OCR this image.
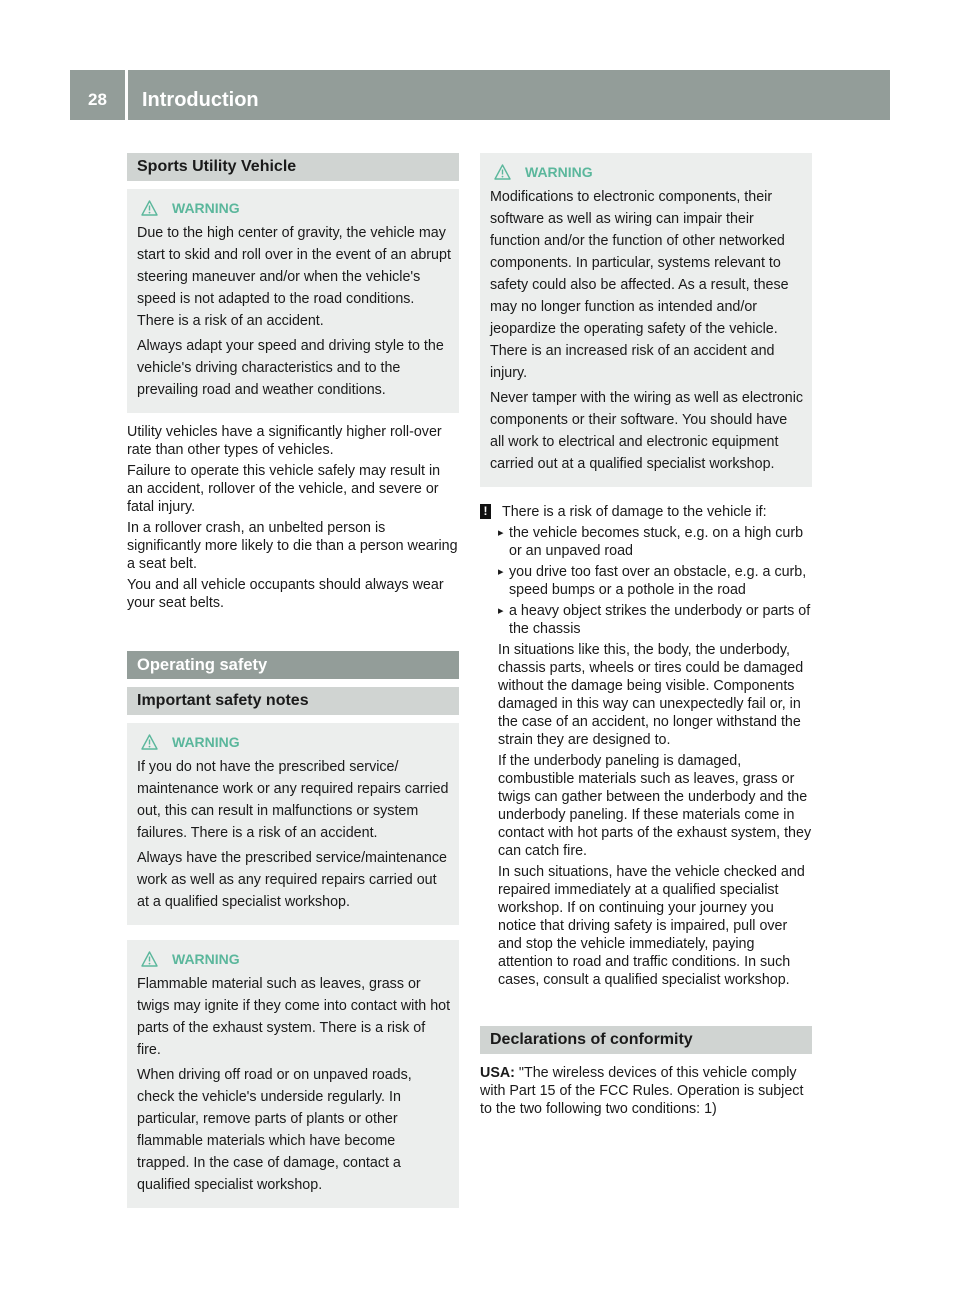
28	Introduction
Sports Utility Vehicle
WARNING

Due to the high center of gravity, the vehicle may start to skid and roll over in the event of an abrupt steering maneuver and/or when the vehicle's speed is not adapted to the road conditions. There is a risk of an accident.

Always adapt your speed and driving style to the vehicle's driving characteristics and to the prevailing road and weather conditions.

Utility vehicles have a significantly higher roll-over rate than other types of vehicles.

Failure to operate this vehicle safely may result in an accident, rollover of the vehicle, and severe or fatal injury.

In a rollover crash, an unbelted person is significantly more likely to die than a person wearing a seat belt.

You and all vehicle occupants should always wear your seat belts.

Operating safety
Important safety notes
WARNING

If you do not have the prescribed service/ maintenance work or any required repairs carried out, this can result in malfunctions or system failures. There is a risk of an accident.

Always have the prescribed service/maintenance work as well as any required repairs carried out at a qualified specialist workshop.

WARNING

Flammable material such as leaves, grass or twigs may ignite if they come into contact with hot parts of the exhaust system. There is a risk of fire.

When driving off road or on unpaved roads, check the vehicle's underside regularly. In particular, remove parts of plants or other flammable materials which have become trapped. In the case of damage, contact a qualified specialist workshop.

WARNING

Modifications to electronic components, their software as well as wiring can impair their function and/or the function of other networked components. In particular, systems relevant to safety could also be affected. As a result, these may no longer function as intended and/or jeopardize the operating safety of the vehicle. There is an increased risk of an accident and injury.

Never tamper with the wiring as well as electronic components or their software. You should have all work to electrical and electronic equipment carried out at a qualified specialist workshop.

! There is a risk of damage to the vehicle if:
▸ the vehicle becomes stuck, e.g. on a high curb or an unpaved road
▸ you drive too fast over an obstacle, e.g. a curb, speed bumps or a pothole in the road
▸ a heavy object strikes the underbody or parts of the chassis

In situations like this, the body, the underbody, chassis parts, wheels or tires could be damaged without the damage being visible. Components damaged in this way can unexpectedly fail or, in the case of an accident, no longer withstand the strain they are designed to.

If the underbody paneling is damaged, combustible materials such as leaves, grass or twigs can gather between the underbody and the underbody paneling. If these materials come in contact with hot parts of the exhaust system, they can catch fire.

In such situations, have the vehicle checked and repaired immediately at a qualified specialist workshop. If on continuing your journey you notice that driving safety is impaired, pull over and stop the vehicle immediately, paying attention to road and traffic conditions. In such cases, consult a qualified specialist workshop.

Declarations of conformity

USA: "The wireless devices of this vehicle comply with Part 15 of the FCC Rules. Operation is subject to the two following two conditions: 1)
